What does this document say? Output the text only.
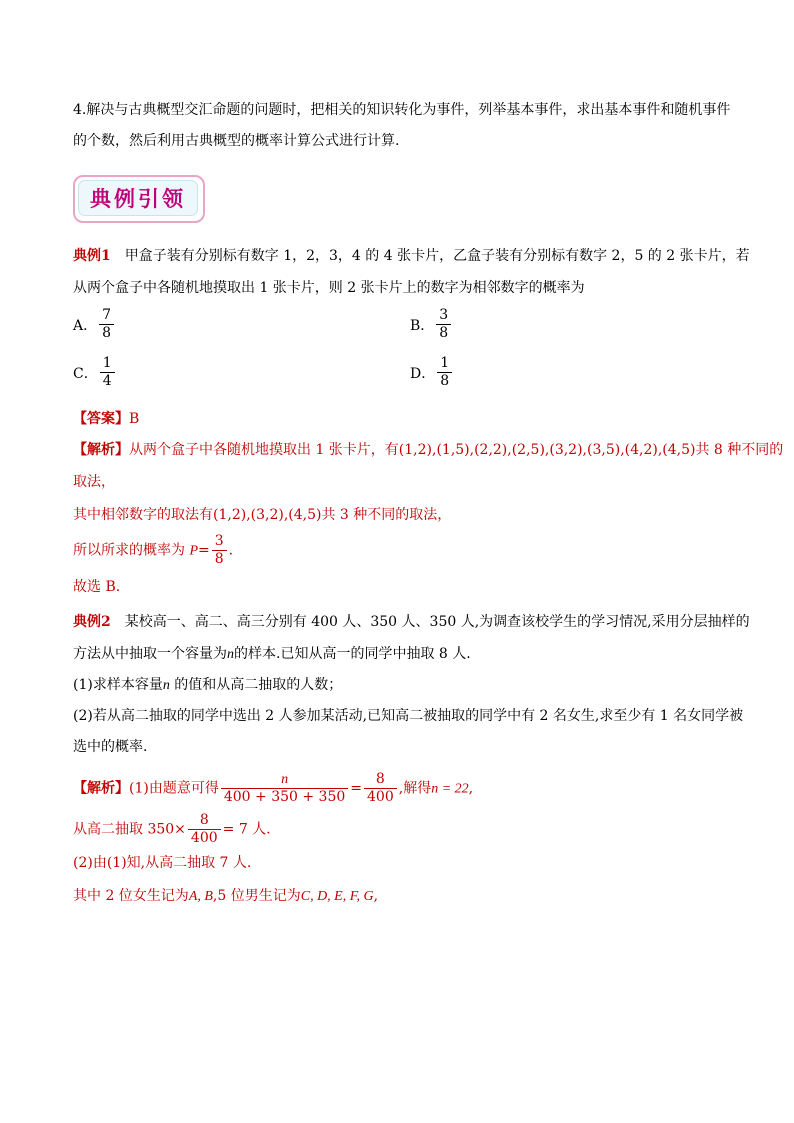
4.解决与古典概型交汇命题的问题时，把相关的知识转化为事件，列举基本事件，求出基本事件和随机事件
的个数，然后利用古典概型的概率计算公式进行计算.
典例引领
典例1　甲盒子装有分别标有数字 1，2，3，4 的 4 张卡片，乙盒子装有分别标有数字 2，5 的 2 张卡片，若
从两个盒子中各随机地摸取出 1 张卡片，则 2 张卡片上的数字为相邻数字的概率为
A． $\frac{7}{8}$	B． $\frac{3}{8}$
C． $\frac{1}{4}$	D． $\frac{1}{8}$
【答案】B
【解析】从两个盒子中各随机地摸取出 1 张卡片，有(1,2),(1,5),(2,2),(2,5),(3,2),(3,5),(4,2),(4,5)共 8 种不同的
取法，
其中相邻数字的取法有(1,2),(3,2),(4,5)共 3 种不同的取法，
所以所求的概率为 $P= \frac{3}{8}$ .
故选 B.
典例2　某校高一、高二、高三分别有 400 人、350 人、350 人,为调查该校学生的学习情况,采用分层抽样的
方法从中抽取一个容量为n的样本.已知从高一的同学中抽取 8 人.
(1)求样本容量n 的值和从高二抽取的人数；
(2)若从高二抽取的同学中选出 2 人参加某活动,已知高二被抽取的同学中有 2 名女生,求至少有 1 名女同学被
选中的概率.
【解析】(1)由题意可得 $\frac{n}{400 + 350 + 350} = \frac{8}{400}$ ,解得n = 22,
从高二抽取 $350\times \frac{8}{400} = 7$ 人.
(2)由(1)知,从高二抽取 7 人.
其中 2 位女生记为A, B,5 位男生记为C, D, E, F, G,
